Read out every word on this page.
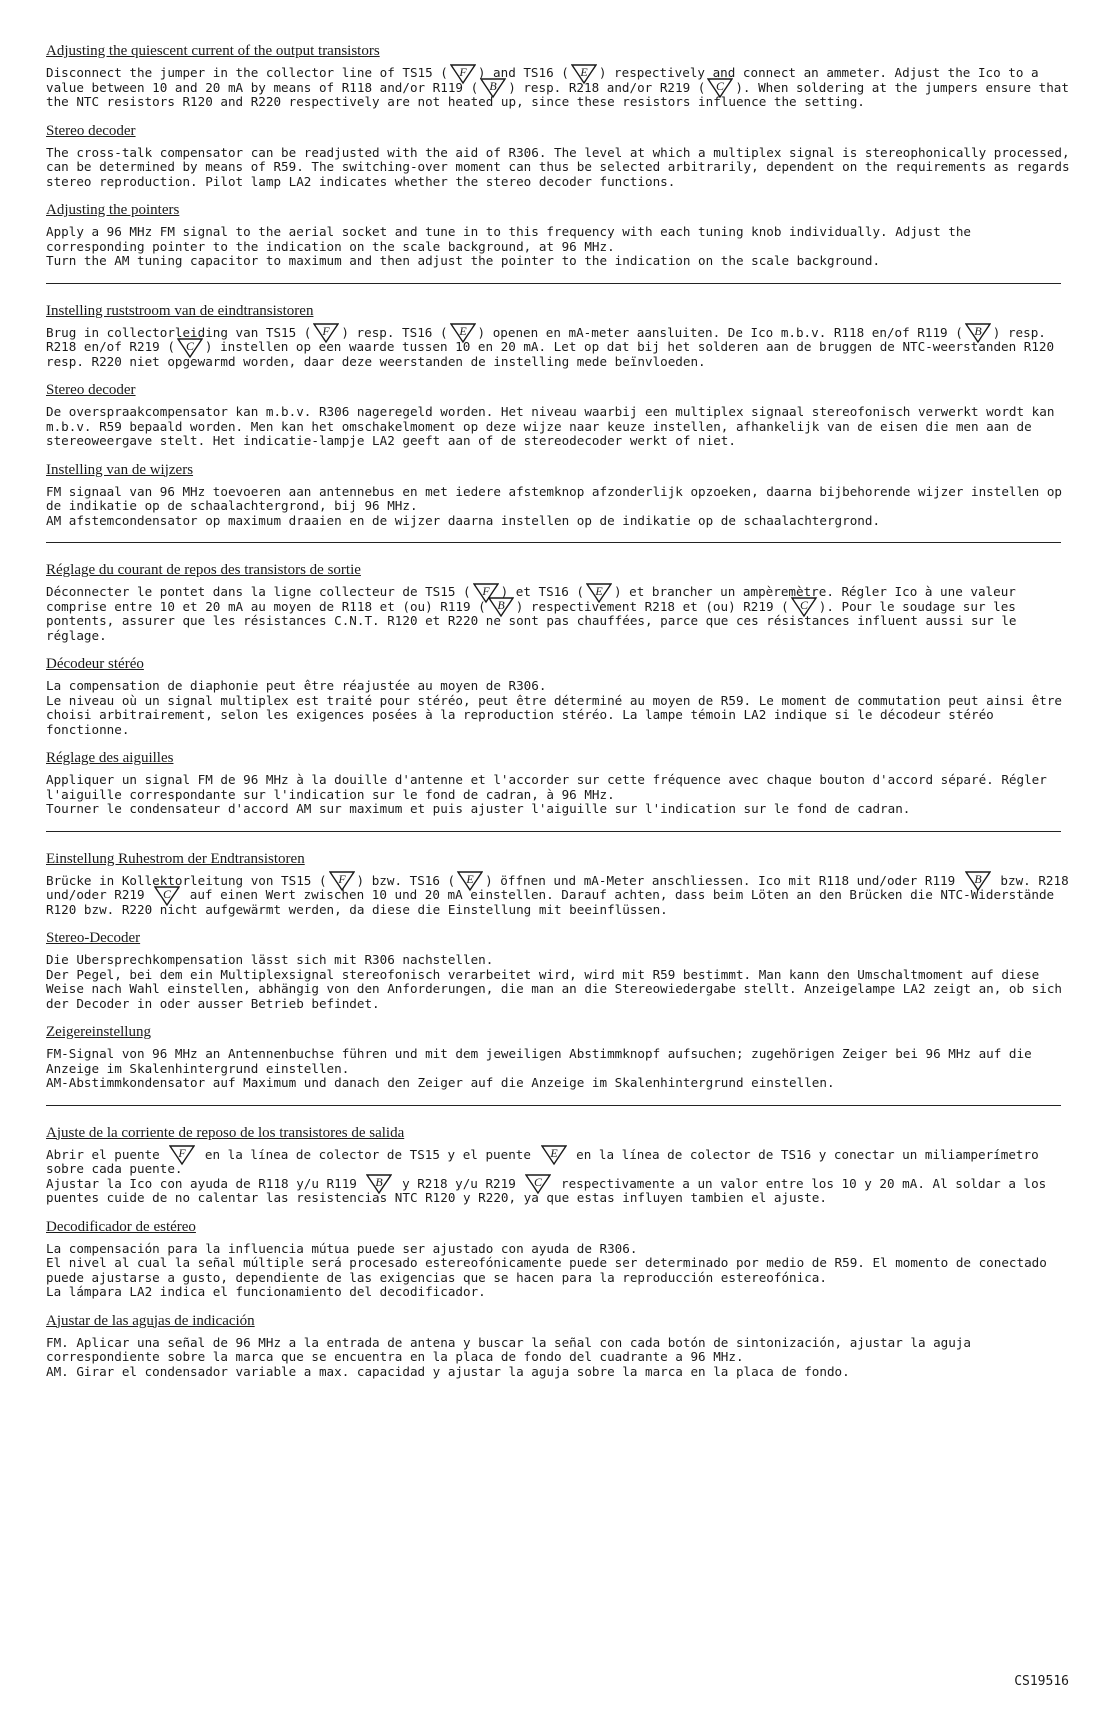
Adjusting the quiescent current of the output transistors
Disconnect the jumper in the collector line of TS15 ( F ) and TS16 ( E ) respectively and connect an ammeter. Adjust the Ico to a value between 10 and 20 mA by means of R118 and/or R119 ( B ) resp. R218 and/or R219 ( C ). When soldering at the jumpers ensure that the NTC resistors R120 and R220 respectively are not heated up, since these resistors influence the setting.
Stereo decoder
The cross-talk compensator can be readjusted with the aid of R306. The level at which a multiplex signal is stereophonically processed, can be determined by means of R59. The switching-over moment can thus be selected arbitrarily, dependent on the requirements as regards stereo reproduction. Pilot lamp LA2 indicates whether the stereo decoder functions.
Adjusting the pointers

Apply a 96 MHz FM signal to the aerial socket and tune in to this frequency with each tuning knob individually. Adjust the corresponding pointer to the indication on the scale background, at 96 MHz.

Turn the AM tuning capacitor to maximum and then adjust the pointer to the indication on the scale background.

Instelling ruststroom van de eindtransistoren
Brug in collectorleiding van TS15 ( F ) resp. TS16 ( E ) openen en mA-meter aansluiten. De Ico m.b.v. R118 en/of R119 ( B ) resp. R218 en/of R219 ( C ) instellen op een waarde tussen 10 en 20 mA. Let op dat bij het solderen aan de bruggen de NTC-weerstanden R120 resp. R220 niet opgewarmd worden, daar deze weerstanden de instelling mede beïnvloeden.
Stereo decoder
De overspraakcompensator kan m.b.v. R306 nageregeld worden. Het niveau waarbij een multiplex signaal stereofonisch verwerkt wordt kan m.b.v. R59 bepaald worden. Men kan het omschakelmoment op deze wijze naar keuze instellen, afhankelijk van de eisen die men aan de stereoweergave stelt. Het indicatie-lampje LA2 geeft aan of de stereodecoder werkt of niet.
Instelling van de wijzers

FM signaal van 96 MHz toevoeren aan antennebus en met iedere afstemknop afzonderlijk opzoeken, daarna bijbehorende wijzer instellen op de indikatie op de schaalachtergrond, bij 96 MHz.

AM afstemcondensator op maximum draaien en de wijzer daarna instellen op de indikatie op de schaalachtergrond.

Réglage du courant de repos des transistors de sortie
Déconnecter le pontet dans la ligne collecteur de TS15 ( F ) et TS16 ( E ) et brancher un ampèremètre. Régler Ico à une valeur comprise entre 10 et 20 mA au moyen de R118 et (ou) R119 ( B ) respectivement R218 et (ou) R219 ( C ). Pour le soudage sur les pontents, assurer que les résistances C.N.T. R120 et R220 ne sont pas chauffées, parce que ces résistances influent aussi sur le réglage.
Décodeur stéréo

La compensation de diaphonie peut être réajustée au moyen de R306.

Le niveau où un signal multiplex est traité pour stéréo, peut être déterminé au moyen de R59. Le moment de commutation peut ainsi être choisi arbitrairement, selon les exigences posées à la reproduction stéréo. La lampe témoin LA2 indique si le décodeur stéréo fonctionne.

Réglage des aiguilles

Appliquer un signal FM de 96 MHz à la douille d'antenne et l'accorder sur cette fréquence avec chaque bouton d'accord séparé. Régler l'aiguille correspondante sur l'indication sur le fond de cadran, à 96 MHz.

Tourner le condensateur d'accord AM sur maximum et puis ajuster l'aiguille sur l'indication sur le fond de cadran.

Einstellung Ruhestrom der Endtransistoren
Brücke in Kollektorleitung von TS15 ( F ) bzw. TS16 ( E ) öffnen und mA-Meter anschliessen. Ico mit R118 und/oder R119 B bzw. R218 und/oder R219 C auf einen Wert zwischen 10 und 20 mA einstellen. Darauf achten, dass beim Löten an den Brücken die NTC-Widerstände R120 bzw. R220 nicht aufgewärmt werden, da diese die Einstellung mit beeinflüssen.
Stereo-Decoder

Die Ubersprechkompensation lässt sich mit R306 nachstellen.

Der Pegel, bei dem ein Multiplexsignal stereofonisch verarbeitet wird, wird mit R59 bestimmt. Man kann den Umschaltmoment auf diese Weise nach Wahl einstellen, abhängig von den Anforderungen, die man an die Stereowiedergabe stellt. Anzeigelampe LA2 zeigt an, ob sich der Decoder in oder ausser Betrieb befindet.

Zeigereinstellung

FM-Signal von 96 MHz an Antennenbuchse führen und mit dem jeweiligen Abstimmknopf aufsuchen; zugehörigen Zeiger bei 96 MHz auf die Anzeige im Skalenhintergrund einstellen.

AM-Abstimmkondensator auf Maximum und danach den Zeiger auf die Anzeige im Skalenhintergrund einstellen.

Ajuste de la corriente de reposo de los transistores de salida
Abrir el puente F en la línea de colector de TS15 y el puente E en la línea de colector de TS16 y conectar un miliamperímetro sobre cada puente.
Ajustar la Ico con ayuda de R118 y/u R119 B y R218 y/u R219 C respectivamente a un valor entre los 10 y 20 mA. Al soldar a los puentes cuide de no calentar las resistencias NTC R120 y R220, ya que estas influyen tambien el ajuste.
Decodificador de estéreo

La compensación para la influencia mútua puede ser ajustado con ayuda de R306.

El nivel al cual la señal múltiple será procesado estereofónicamente puede ser determinado por medio de R59. El momento de conectado puede ajustarse a gusto, dependiente de las exigencias que se hacen para la reproducción estereofónica.

La lámpara LA2 indica el funcionamiento del decodificador.

Ajustar de las agujas de indicación

FM. Aplicar una señal de 96 MHz a la entrada de antena y buscar la señal con cada botón de sintonización, ajustar la aguja correspondiente sobre la marca que se encuentra en la placa de fondo del cuadrante a 96 MHz.

AM. Girar el condensador variable a max. capacidad y ajustar la aguja sobre la marca en la placa de fondo.

CS19516
